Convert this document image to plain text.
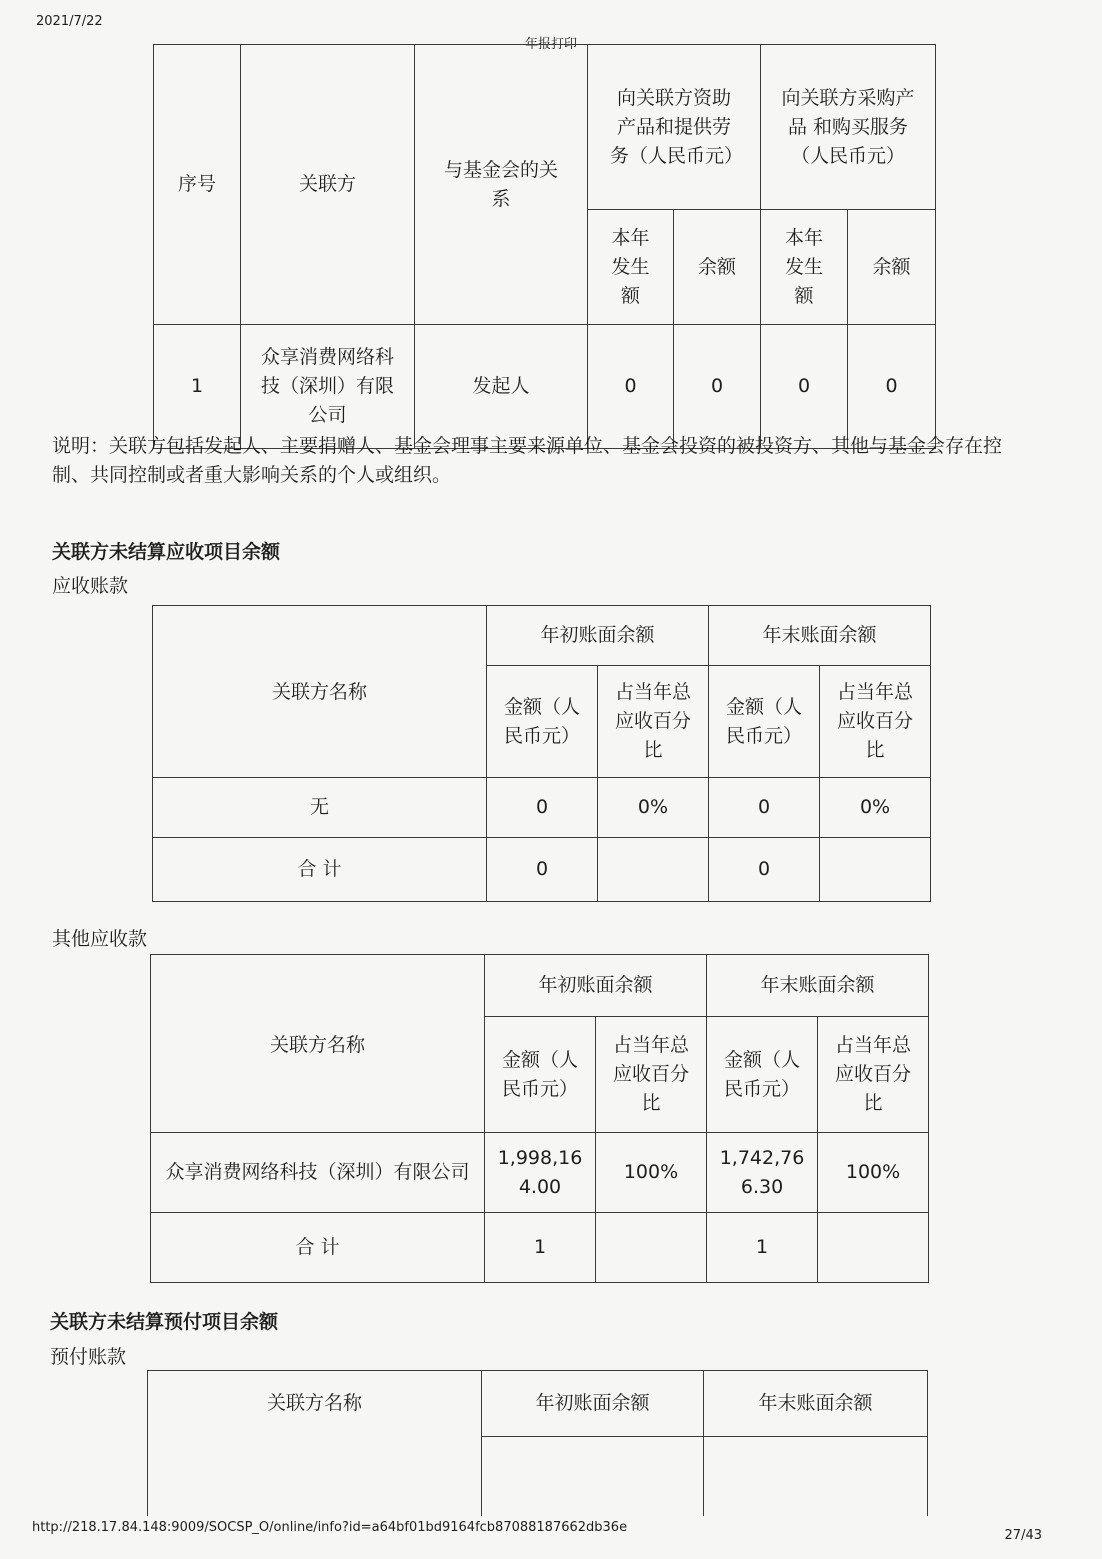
2021/7/22
年报打印
序号	关联方	与基金会的关系	向关联方资助产品和提供劳务（人民币元）		向关联方采购产品 和购买服务（人民币元）	
			本年发生额	余额	本年发生额	余额
1	众享消费网络科技（深圳）有限公司	发起人	0	0	0	0
说明：关联方包括发起人、主要捐赠人、基金会理事主要来源单位、基金会投资的被投资方、其他与基金会存在控制、共同控制或者重大影响关系的个人或组织。
关联方未结算应收项目余额
应收账款
关联方名称	年初账面余额		年末账面余额	
	金额（人民币元）	占当年总应收百分比	金额（人民币元）	占当年总应收百分比
无	0	0%	0	0%
合 计	0		0	
其他应收款
关联方名称	年初账面余额		年末账面余额	
	金额（人民币元）	占当年总应收百分比	金额（人民币元）	占当年总应收百分比
众享消费网络科技（深圳）有限公司	1,998,164.00	100%	1,742,766.30	100%
合 计	1		1	
关联方未结算预付项目余额
预付账款
关联方名称	年初账面余额	年末账面余额

http://218.17.84.148:9009/SOCSP_O/online/info?id=a64bf01bd9164fcb87088187662db36e
27/43
